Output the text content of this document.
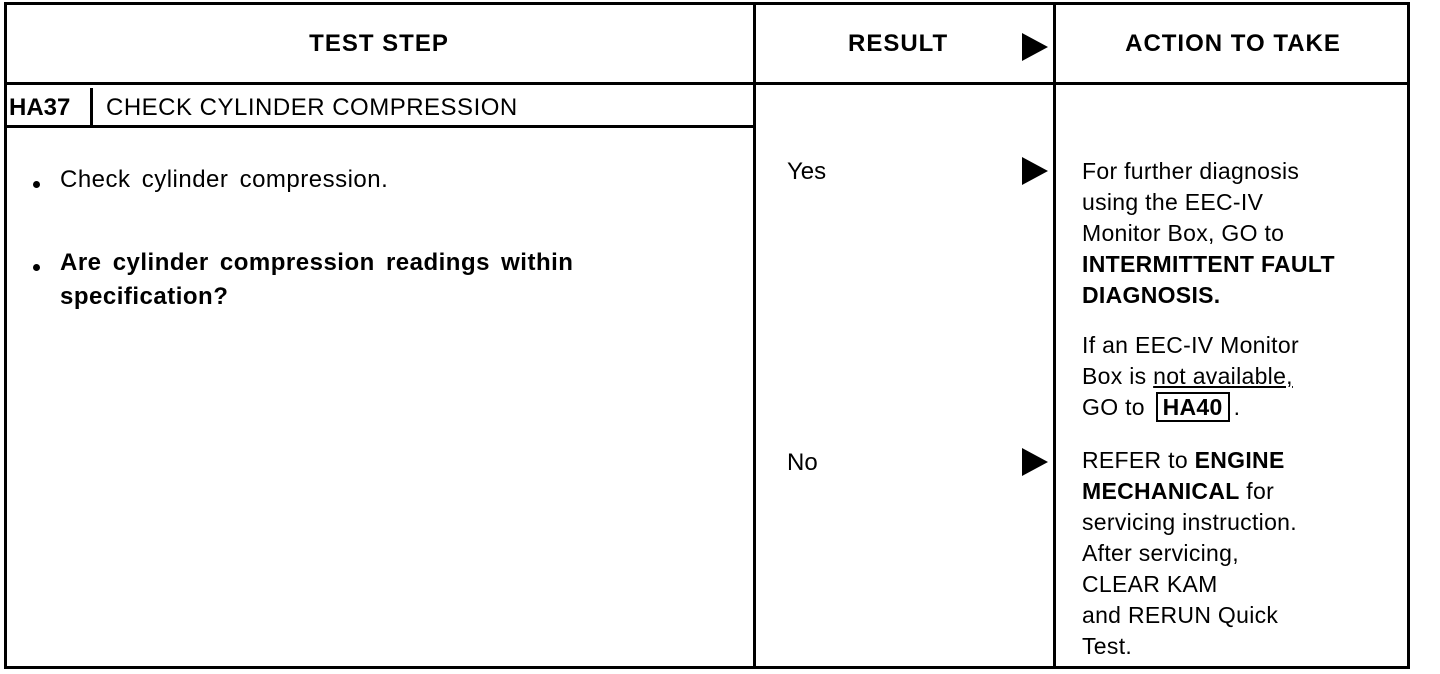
TEST STEP	RESULT	ACTION TO TAKE
HA37 CHECK CYLINDER COMPRESSION
Check cylinder compression.
Are cylinder compression readings within specification?
Yes	For further diagnosis
using the EEC-IV
Monitor Box, GO to
INTERMITTENT FAULT
DIAGNOSIS.
If an EEC-IV Monitor
Box is not available,
GO to HA40 .
No	REFER to ENGINE
MECHANICAL for
servicing instruction.
After servicing,
CLEAR KAM
and RERUN Quick
Test.
